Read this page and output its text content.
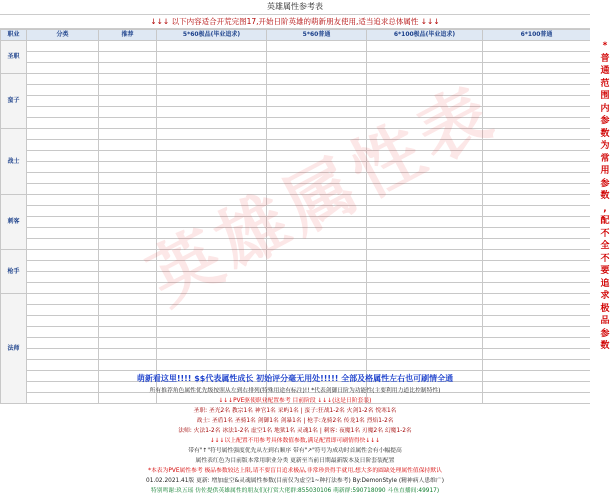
英雄属性参考表
↓↓↓ 以下内容适合开荒完图17,开始日阶英雄的萌新朋友使用,适当追求总体属性 ↓↓↓
职业	分类	推荐	5*60极品(毕业追求)	5*60普通	6*100极品(毕业追求)	6*100普通
圣职						

蛮子						

战士						

刺客						

枪手						

法师						

萌新看这里!!!! $$代表属性成长 初始评分毫无用处!!!!! 全部及格属性左右也可刷情全通
所有推荐角色属性优先级按照从左到右排列(特殊用途有标注)!! *代表剑御日阶为功能性(主要利用力道比控制特性)
↓↓↓PVE驱使职业配置参考 目前阶段 ↓↓↓(这是日阶套装)
圣职: 圣光2名 教宗1名 神官1名 采屿1名 | 蛮子:狂战1-2名 火剑1-2名 悦寒1名
战士: 圣盾1名 圣骑1名 剑御1名 剑暴1名 | 枪手:龙骑2名 传龙1名 烈焰1-2名
法师: 火法1-2名 冰法1-2名 虚空1名 地狱1名 灵魂1名 | 刺客: 夜魔1名 刃魔2名 幻魔1-2名
↓↓↓以上配置不用参考具体数值参数,满足配置即可刷情得快↓↓↓
带有"↑"符号属性强度优先从左到右顺序 带有"↗"符号为成功时首属性会有小幅提高
属性表红色为目前版本常用职业分类 更新至当前日期最新版本及日阶套装配置
*本表为PVE属性参考 极品参数较达上限,请不要盲目追求极品,非常珍贵得手就用,想大多的圆缺处理属性值保持默认
01.02.2021.41版 更新: 增加虚空&灵魂属性参数(目前仅为虚空1~种打法参考) By:DemonStyle (精神病人患维广)
特别鸣谢:玖五瑶 仿佐提供英雄属性的朋友们(打赏大佬群:855030106 萌新群:590718090 斗鱼直播间:49917)
*
普
通
范
围
内
参
数
为
常
用
参
数
,
配
不
全
不
要
追
求
极
品
参
数
英雄属性表
